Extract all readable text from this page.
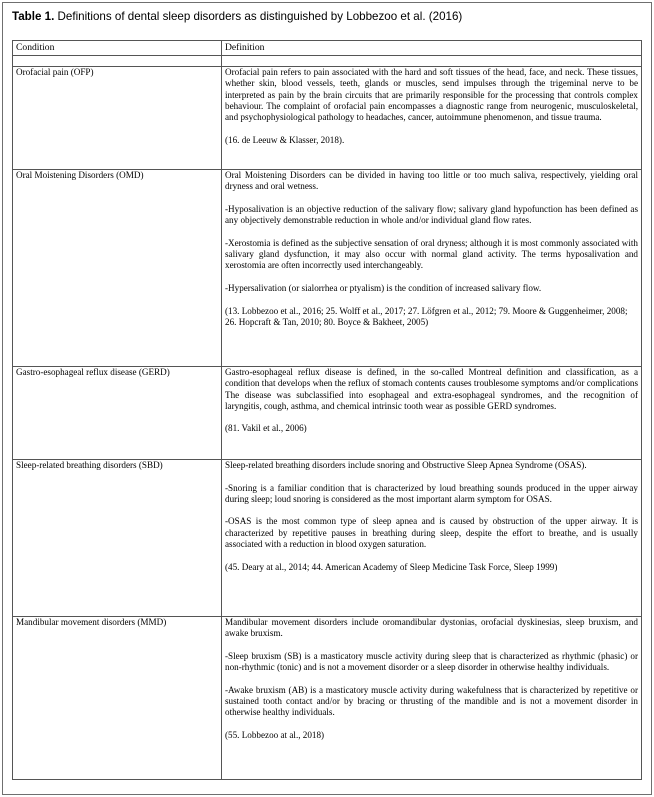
Table 1. Definitions of dental sleep disorders as distinguished by Lobbezoo et al. (2016)
Condition	Definition

Orofacial pain (OFP)	Orofacial pain refers to pain associated with the hard and soft tissues of the head, face, and neck. These tissues, whether skin, blood vessels, teeth, glands or muscles, send impulses through the trigeminal nerve to be interpreted as pain by the brain circuits that are primarily responsible for the processing that controls complex behaviour. The complaint of orofacial pain encompasses a diagnostic range from neurogenic, musculoskeletal, and psychophysiological pathology to headaches, cancer, autoimmune phenomenon, and tissue trauma.

(16. de Leeuw & Klasser, 2018).

Oral Moistening Disorders (OMD)	Oral Moistening Disorders can be divided in having too little or too much saliva, respectively, yielding oral dryness and oral wetness.

-Hyposalivation is an objective reduction of the salivary flow; salivary gland hypofunction has been defined as any objectively demonstrable reduction in whole and/or individual gland flow rates.

-Xerostomia is defined as the subjective sensation of oral dryness; although it is most commonly associated with salivary gland dysfunction, it may also occur with normal gland activity. The terms hyposalivation and xerostomia are often incorrectly used interchangeably.

-Hypersalivation (or sialorrhea or ptyalism) is the condition of increased salivary flow.

(13. Lobbezoo et al., 2016; 25. Wolff et al., 2017; 27. Löfgren et al., 2012; 79. Moore & Guggenheimer, 2008; 26. Hopcraft & Tan, 2010; 80. Boyce & Bakheet, 2005)

Gastro-esophageal reflux disease (GERD)	Gastro-esophageal reflux disease is defined, in the so-called Montreal definition and classification, as a condition that develops when the reflux of stomach contents causes troublesome symptoms and/or complications The disease was subclassified into esophageal and extra-esophageal syndromes, and the recognition of laryngitis, cough, asthma, and chemical intrinsic tooth wear as possible GERD syndromes.

(81. Vakil et al., 2006)

Sleep-related breathing disorders (SBD)	Sleep-related breathing disorders include snoring and Obstructive Sleep Apnea Syndrome (OSAS).

-Snoring is a familiar condition that is characterized by loud breathing sounds produced in the upper airway during sleep; loud snoring is considered as the most important alarm symptom for OSAS.

-OSAS is the most common type of sleep apnea and is caused by obstruction of the upper airway. It is characterized by repetitive pauses in breathing during sleep, despite the effort to breathe, and is usually associated with a reduction in blood oxygen saturation.

(45. Deary at al., 2014; 44. American Academy of Sleep Medicine Task Force, Sleep 1999)

Mandibular movement disorders (MMD)	Mandibular movement disorders include oromandibular dystonias, orofacial dyskinesias, sleep bruxism, and awake bruxism.

-Sleep bruxism (SB) is a masticatory muscle activity during sleep that is characterized as rhythmic (phasic) or non-rhythmic (tonic) and is not a movement disorder or a sleep disorder in otherwise healthy individuals.

-Awake bruxism (AB) is a masticatory muscle activity during wakefulness that is characterized by repetitive or sustained tooth contact and/or by bracing or thrusting of the mandible and is not a movement disorder in otherwise healthy individuals.

(55. Lobbezoo at al., 2018)
